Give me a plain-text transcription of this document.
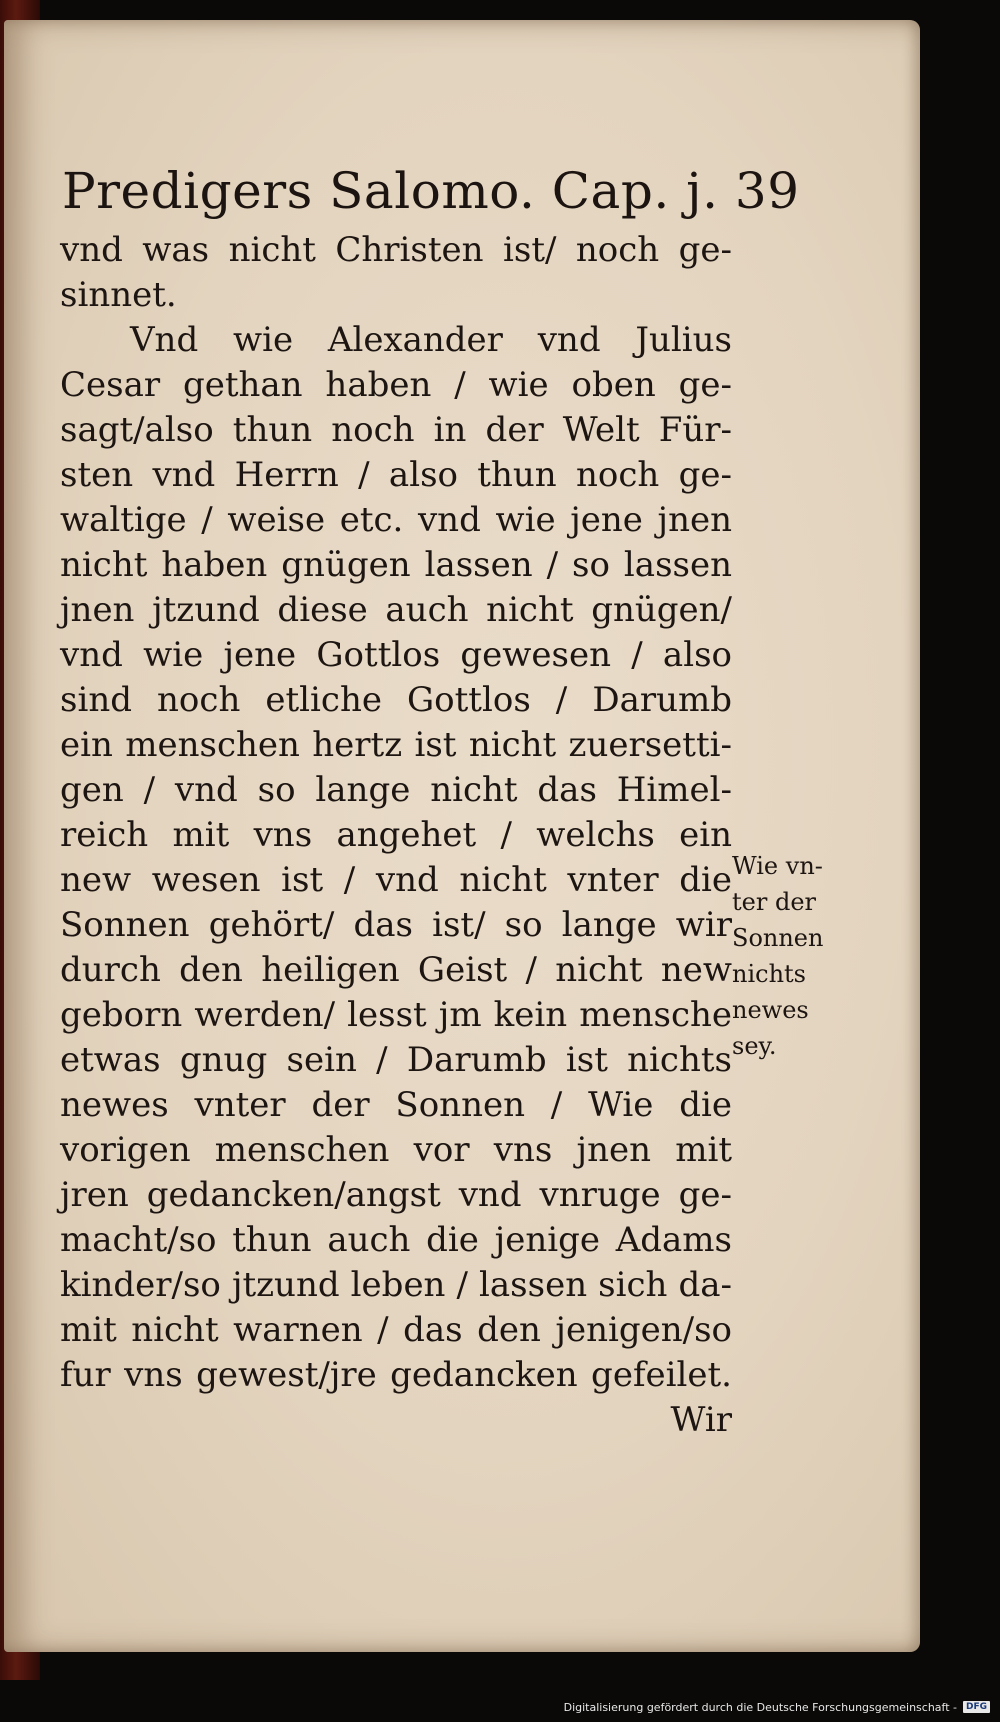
Predigers Salomo. Cap. j. 39
vnd was nicht Christen ist/ noch ge-
sinnet.
Vnd wie Alexander vnd Julius
Cesar gethan haben / wie oben ge-
sagt/also thun noch in der Welt Für-
sten vnd Herrn / also thun noch ge-
waltige / weise etc. vnd wie jene jnen
nicht haben gnügen lassen / so lassen
jnen jtzund diese auch nicht gnügen/
vnd wie jene Gottlos gewesen / also
sind noch etliche Gottlos / Darumb
ein menschen hertz ist nicht zuersetti-
gen / vnd so lange nicht das Himel-
reich mit vns angehet / welchs ein
new wesen ist / vnd nicht vnter die
Sonnen gehört/ das ist/ so lange wir
durch den heiligen Geist / nicht new
geborn werden/ lesst jm kein mensche
etwas gnug sein / Darumb ist nichts
newes vnter der Sonnen / Wie die
vorigen menschen vor vns jnen mit
jren gedancken/angst vnd vnruge ge-
macht/so thun auch die jenige Adams
kinder/so jtzund leben / lassen sich da-
mit nicht warnen / das den jenigen/so
fur vns gewest/jre gedancken gefeilet.
Wir
Wie vn-
ter der
Sonnen
nichts
newes
sey.
Digitalisierung gefördert durch die Deutsche Forschungsgemeinschaft -	DFG
